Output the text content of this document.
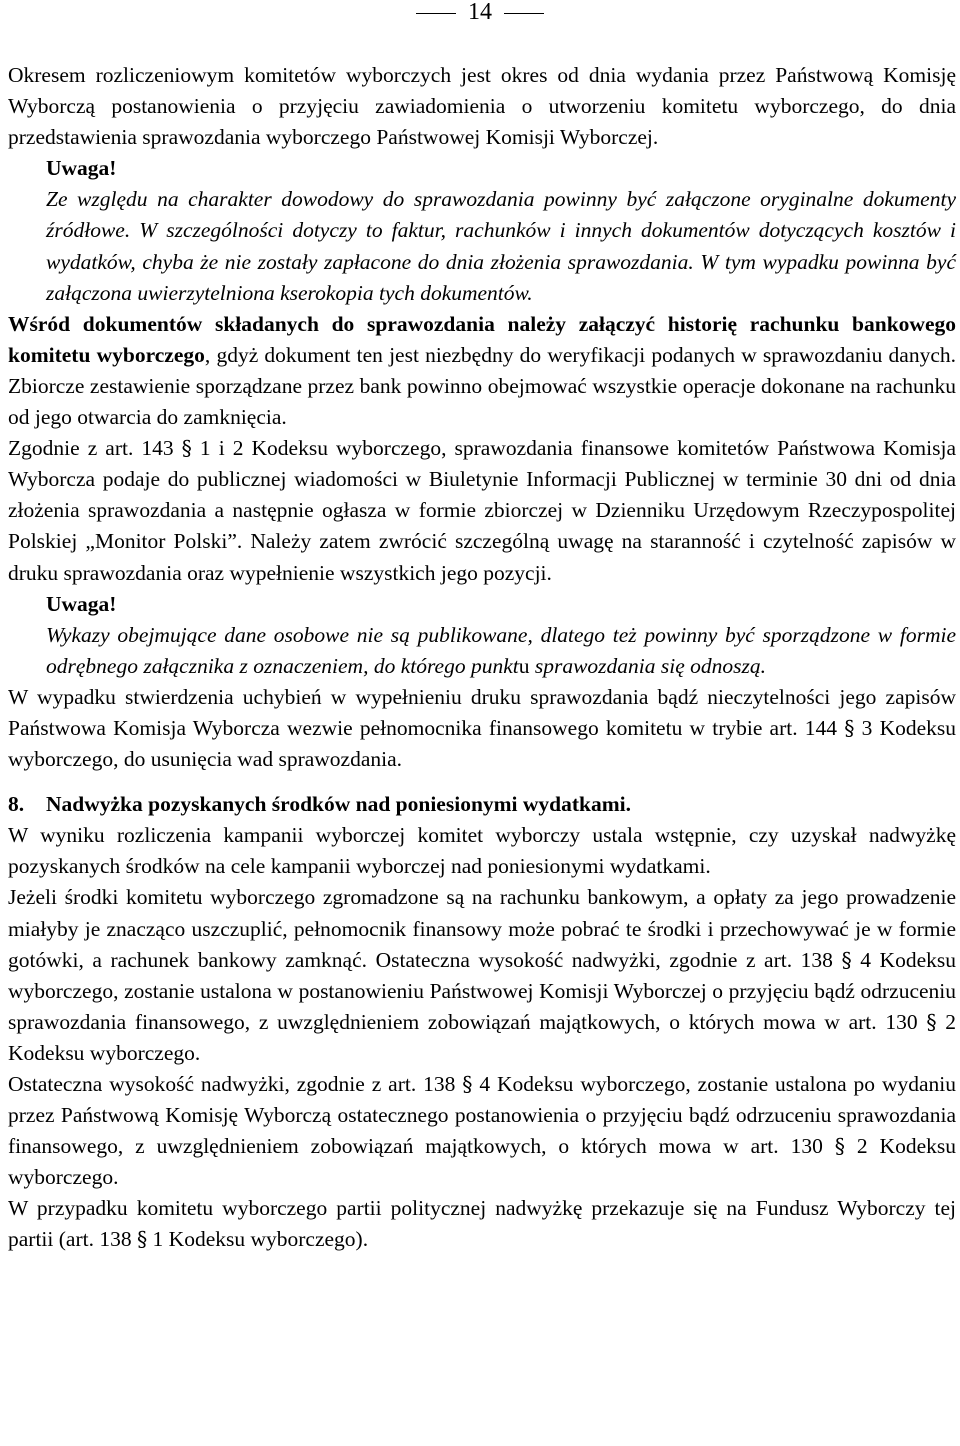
14

Okresem rozliczeniowym komitetów wyborczych jest okres od dnia wydania przez Państwową Komisję Wyborczą postanowienia o przyjęciu zawiadomienia o utworzeniu komitetu wyborczego, do dnia przedstawienia sprawozdania wyborczego Państwowej Komisji Wyborczej.

Uwaga!

Ze względu na charakter dowodowy do sprawozdania powinny być załączone oryginalne dokumenty źródłowe. W szczególności dotyczy to faktur, rachunków i innych dokumentów dotyczących kosztów i wydatków, chyba że nie zostały zapłacone do dnia złożenia sprawozdania. W tym wypadku powinna być załączona uwierzytelniona kserokopia tych dokumentów.

Wśród dokumentów składanych do sprawozdania należy załączyć historię rachunku bankowego komitetu wyborczego, gdyż dokument ten jest niezbędny do weryfikacji podanych w sprawozdaniu danych. Zbiorcze zestawienie sporządzane przez bank powinno obejmować wszystkie operacje dokonane na rachunku od jego otwarcia do zamknięcia.

Zgodnie z art. 143 § 1 i 2 Kodeksu wyborczego, sprawozdania finansowe komitetów Państwowa Komisja Wyborcza podaje do publicznej wiadomości w Biuletynie Informacji Publicznej w terminie 30 dni od dnia złożenia sprawozdania a następnie ogłasza w formie zbiorczej w Dzienniku Urzędowym Rzeczypospolitej Polskiej „Monitor Polski”. Należy zatem zwrócić szczególną uwagę na staranność i czytelność zapisów w druku sprawozdania oraz wypełnienie wszystkich jego pozycji.

Uwaga!

Wykazy obejmujące dane osobowe nie są publikowane, dlatego też powinny być sporządzone w formie odrębnego załącznika z oznaczeniem, do którego punktu sprawozdania się odnoszą.

W wypadku stwierdzenia uchybień w wypełnieniu druku sprawozdania bądź nieczytelności jego zapisów Państwowa Komisja Wyborcza wezwie pełnomocnika finansowego komitetu w trybie art. 144 § 3 Kodeksu wyborczego, do usunięcia wad sprawozdania.

8. Nadwyżka pozyskanych środków nad poniesionymi wydatkami.

W wyniku rozliczenia kampanii wyborczej komitet wyborczy ustala wstępnie, czy uzyskał nadwyżkę pozyskanych środków na cele kampanii wyborczej nad poniesionymi wydatkami.

Jeżeli środki komitetu wyborczego zgromadzone są na rachunku bankowym, a opłaty za jego prowadzenie miałyby je znacząco uszczuplić, pełnomocnik finansowy może pobrać te środki i przechowywać je w formie gotówki, a rachunek bankowy zamknąć. Ostateczna wysokość nadwyżki, zgodnie z art. 138 § 4 Kodeksu wyborczego, zostanie ustalona w postanowieniu Państwowej Komisji Wyborczej o przyjęciu bądź odrzuceniu sprawozdania finansowego, z uwzględnieniem zobowiązań majątkowych, o których mowa w art. 130 § 2 Kodeksu wyborczego.

Ostateczna wysokość nadwyżki, zgodnie z art. 138 § 4 Kodeksu wyborczego, zostanie ustalona po wydaniu przez Państwową Komisję Wyborczą ostatecznego postanowienia o przyjęciu bądź odrzuceniu sprawozdania finansowego, z uwzględnieniem zobowiązań majątkowych, o których mowa w art. 130 § 2 Kodeksu wyborczego.

W przypadku komitetu wyborczego partii politycznej nadwyżkę przekazuje się na Fundusz Wyborczy tej partii (art. 138 § 1 Kodeksu wyborczego).
